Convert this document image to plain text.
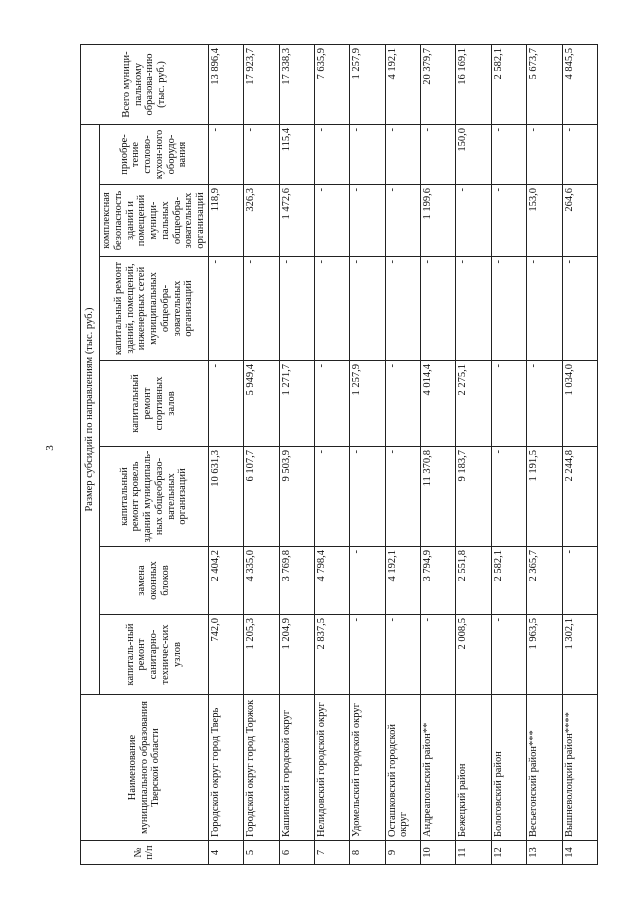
3
№ п/п	Наименование муниципального образования Тверской области	Размер субсидий по направлениям (тыс. руб.)							Всего муници-пальному образова-нию (тыс. руб.)
		капиталь-ный ремонт санитарно-техничес-ких узлов	замена оконных блоков	капитальный ремонт кровель зданий муниципаль-ных общеобразо-вательных организаций	капитальный ремонт спортивных залов	капитальный ремонт зданий, помещений, инженерных сетей муниципальных общеобра-зовательных организаций	комплексная безопасность зданий и помещений муници-пальных общеобра-зовательных организаций	приобре-тение столово-кухон-ного оборудо-вания	
4	Городской округ город Тверь	742,0	2 404,2	10 631,3	-	-	118,9	-	13 896,4
5	Городской округ город Торжок	1 205,3	4 335,0	6 107,7	5 949,4	-	326,3	-	17 923,7
6	Кашинский городской округ	1 204,9	3 769,8	9 503,9	1 271,7	-	1 472,6	115,4	17 338,3
7	Нелидовский городской округ	2 837,5	4 798,4	-	-	-	-	-	7 635,9
8	Удомельский городской округ	-	-	-	1 257,9	-	-	-	1 257,9
9	Осташковский городской округ	-	4 192,1	-	-	-	-	-	4 192,1
10	Андреапольский район**	-	3 794,9	11 370,8	4 014,4	-	1 199,6	-	20 379,7
11	Бежецкий район	2 008,5	2 551,8	9 183,7	2 275,1	-	-	150,0	16 169,1
12	Бологовский район	-	2 582,1	-	-	-	-	-	2 582,1
13	Весьегонский район***	1 963,5	2 365,7	1 191,5	-	-	153,0	-	5 673,7
14	Вышневолоцкий район****	1 302,1	-	2 244,8	1 034,0	-	264,6	-	4 845,5
